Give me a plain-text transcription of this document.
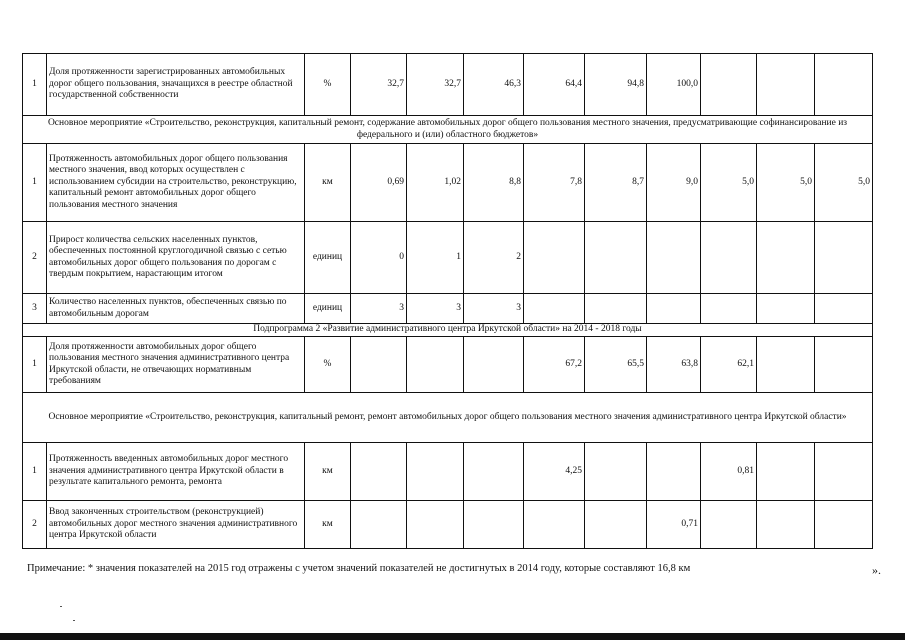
1	Доля протяженности зарегистрированных автомобильных дорог общего пользования, значащихся в реестре областной государственной собственности	%	32,7	32,7	46,3	64,4	94,8	100,0			
Основное мероприятие «Строительство, реконструкция, капитальный ремонт, содержание автомобильных дорог общего пользования местного значения, предусматривающие софинансирование из федерального и (или) областного бюджетов»											
1	Протяженность автомобильных дорог общего пользования местного значения, ввод которых осуществлен с использованием субсидии на строительство, реконструкцию, капитальный ремонт автомобильных дорог общего пользования местного значения	км	0,69	1,02	8,8	7,8	8,7	9,0	5,0	5,0	5,0
2	Прирост количества сельских населенных пунктов, обеспеченных постоянной круглогодичной связью с сетью автомобильных дорог общего пользования по дорогам с твердым покрытием, нарастающим итогом	единиц	0	1	2						
3	Количество населенных пунктов, обеспеченных связью по автомобильным дорогам	единиц	3	3	3						
Подпрограмма 2 «Развитие административного центра Иркутской области» на 2014 - 2018 годы											
1	Доля протяженности автомобильных дорог общего пользования местного значения административного центра Иркутской области, не отвечающих нормативным требованиям	%				67,2	65,5	63,8	62,1		
Основное мероприятие «Строительство, реконструкция, капитальный ремонт, ремонт автомобильных дорог общего пользования местного значения административного центра Иркутской области»											
1	Протяженность введенных автомобильных дорог местного значения административного центра Иркутской области в результате капитального ремонта, ремонта	км				4,25			0,81		
2	Ввод законченных строительством (реконструкцией) автомобильных дорог местного значения административного центра Иркутской области	км						0,71			
Примечание: * значения показателей на 2015 год отражены с учетом значений показателей не достигнутых в 2014 году, которые составляют 16,8 км	».
